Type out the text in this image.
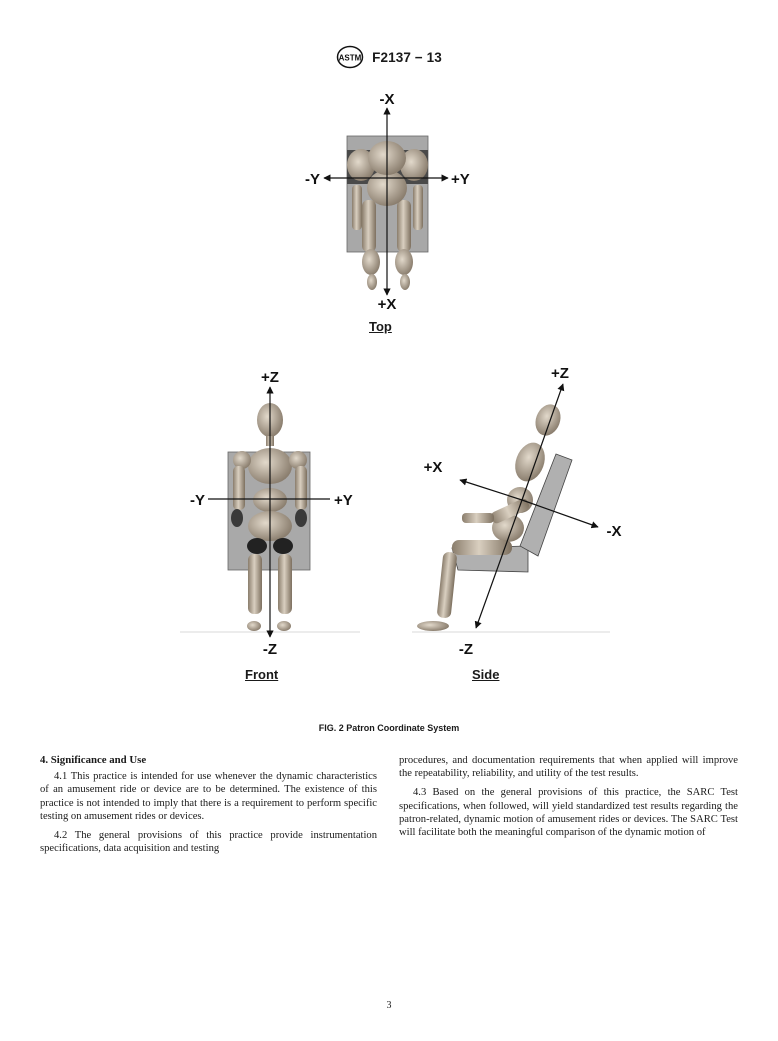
ASTM F2137 − 13
-X
+X
-Y	+Y
+Z
-Z
-Y	+Y
+Z
-Z
+X
-X
Top
Front	Side
FIG. 2 Patron Coordinate System
4. Significance and Use

4.1 This practice is intended for use whenever the dynamic characteristics of an amusement ride or device are to be determined. The existence of this practice is not intended to imply that there is a requirement to perform specific testing on amusement rides or devices.

4.2 The general provisions of this practice provide instrumentation specifications, data acquisition and testing

procedures, and documentation requirements that when applied will improve the repeatability, reliability, and utility of the test results.

4.3 Based on the general provisions of this practice, the SARC Test specifications, when followed, will yield standardized test results regarding the patron-related, dynamic motion of amusement rides or devices. The SARC Test will facilitate both the meaningful comparison of the dynamic motion of

3
